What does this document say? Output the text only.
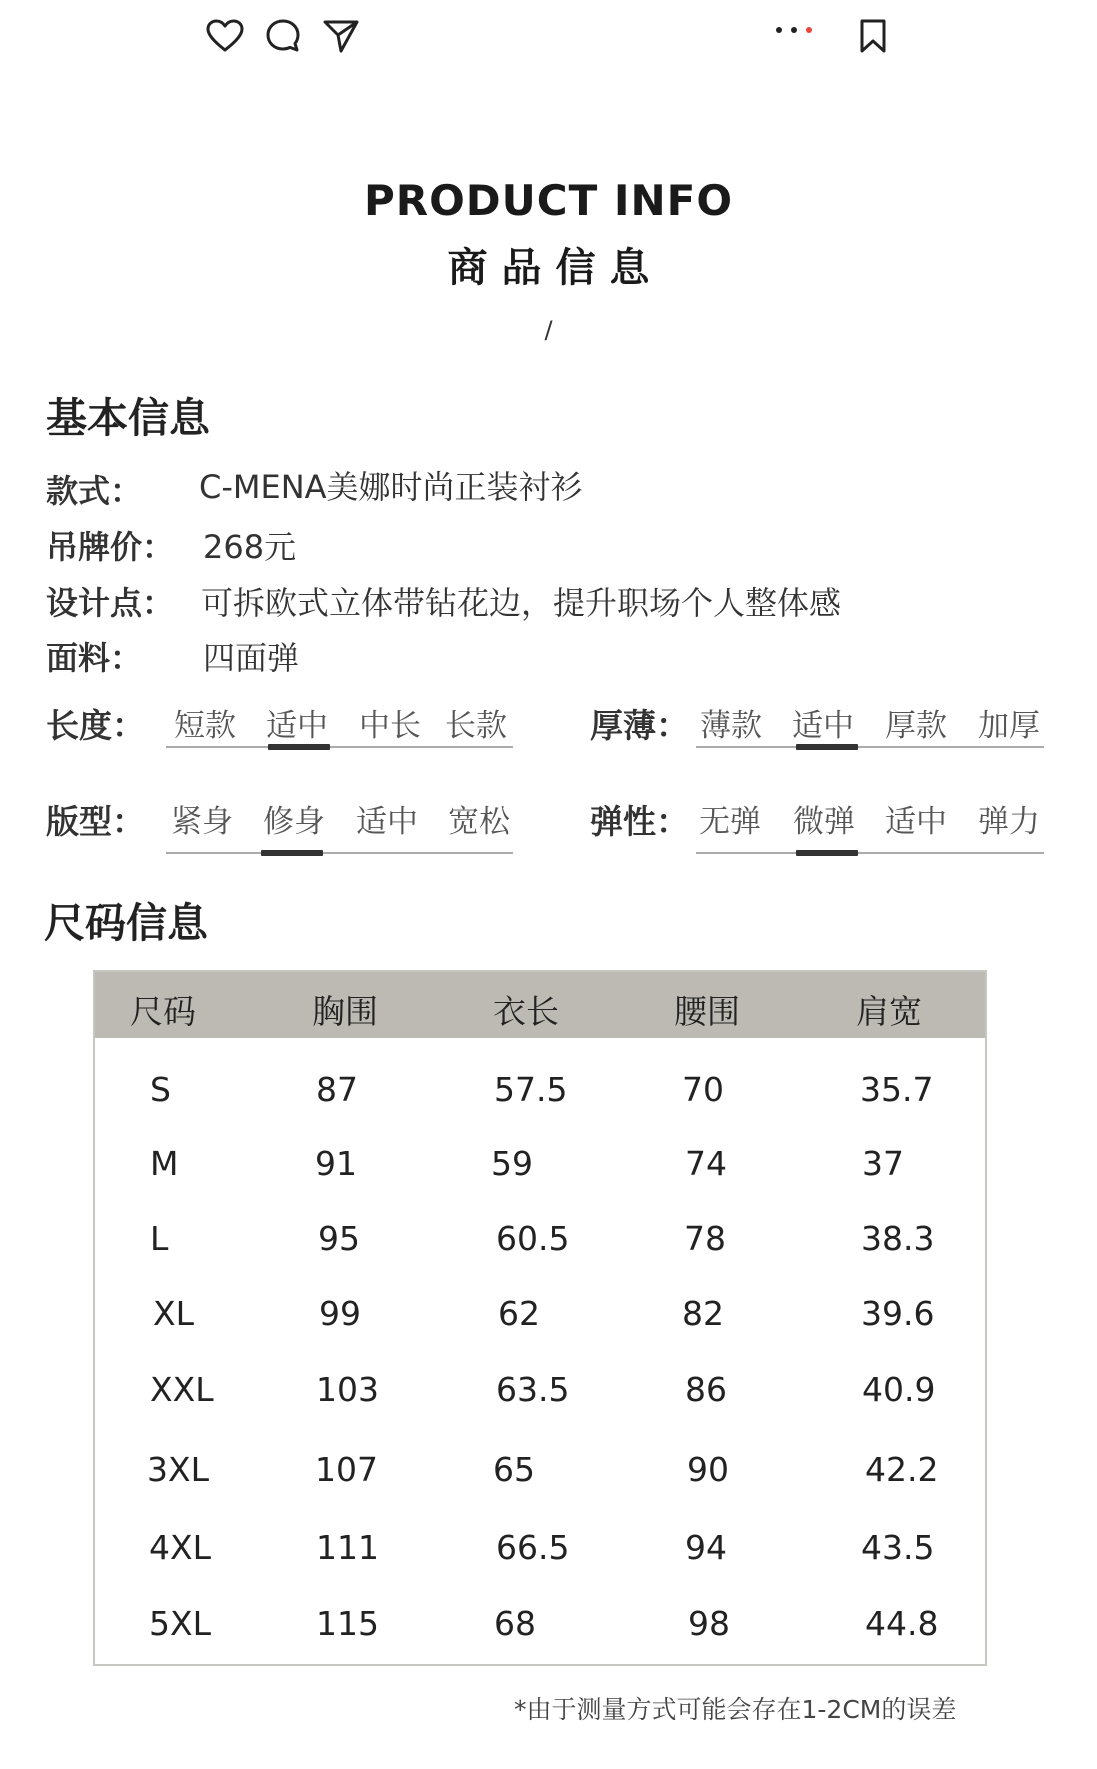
PRODUCT INFO
商品信息
/
基本信息
款式： C-MENA美娜时尚正装衬衫
吊牌价： 268元
设计点： 可拆欧式立体带钻花边，提升职场个人整体感
面料： 四面弹
长度： 短款 适中 中长 长款	厚薄： 薄款 适中 厚款 加厚
版型： 紧身 修身 适中 宽松 弹性： 无弹 微弹 适中 弹力
尺码信息
尺码	胸围	衣长	腰围	肩宽
S	87	57.5	70	35.7
M	91	59	74	37
L	95	60.5	78	38.3
XL	99	62	82	39.6
XXL	103	63.5	86	40.9
3XL	107	65	90	42.2
4XL	111	66.5	94	43.5
5XL	115	68	98	44.8
*由于测量方式可能会存在1-2CM的误差
